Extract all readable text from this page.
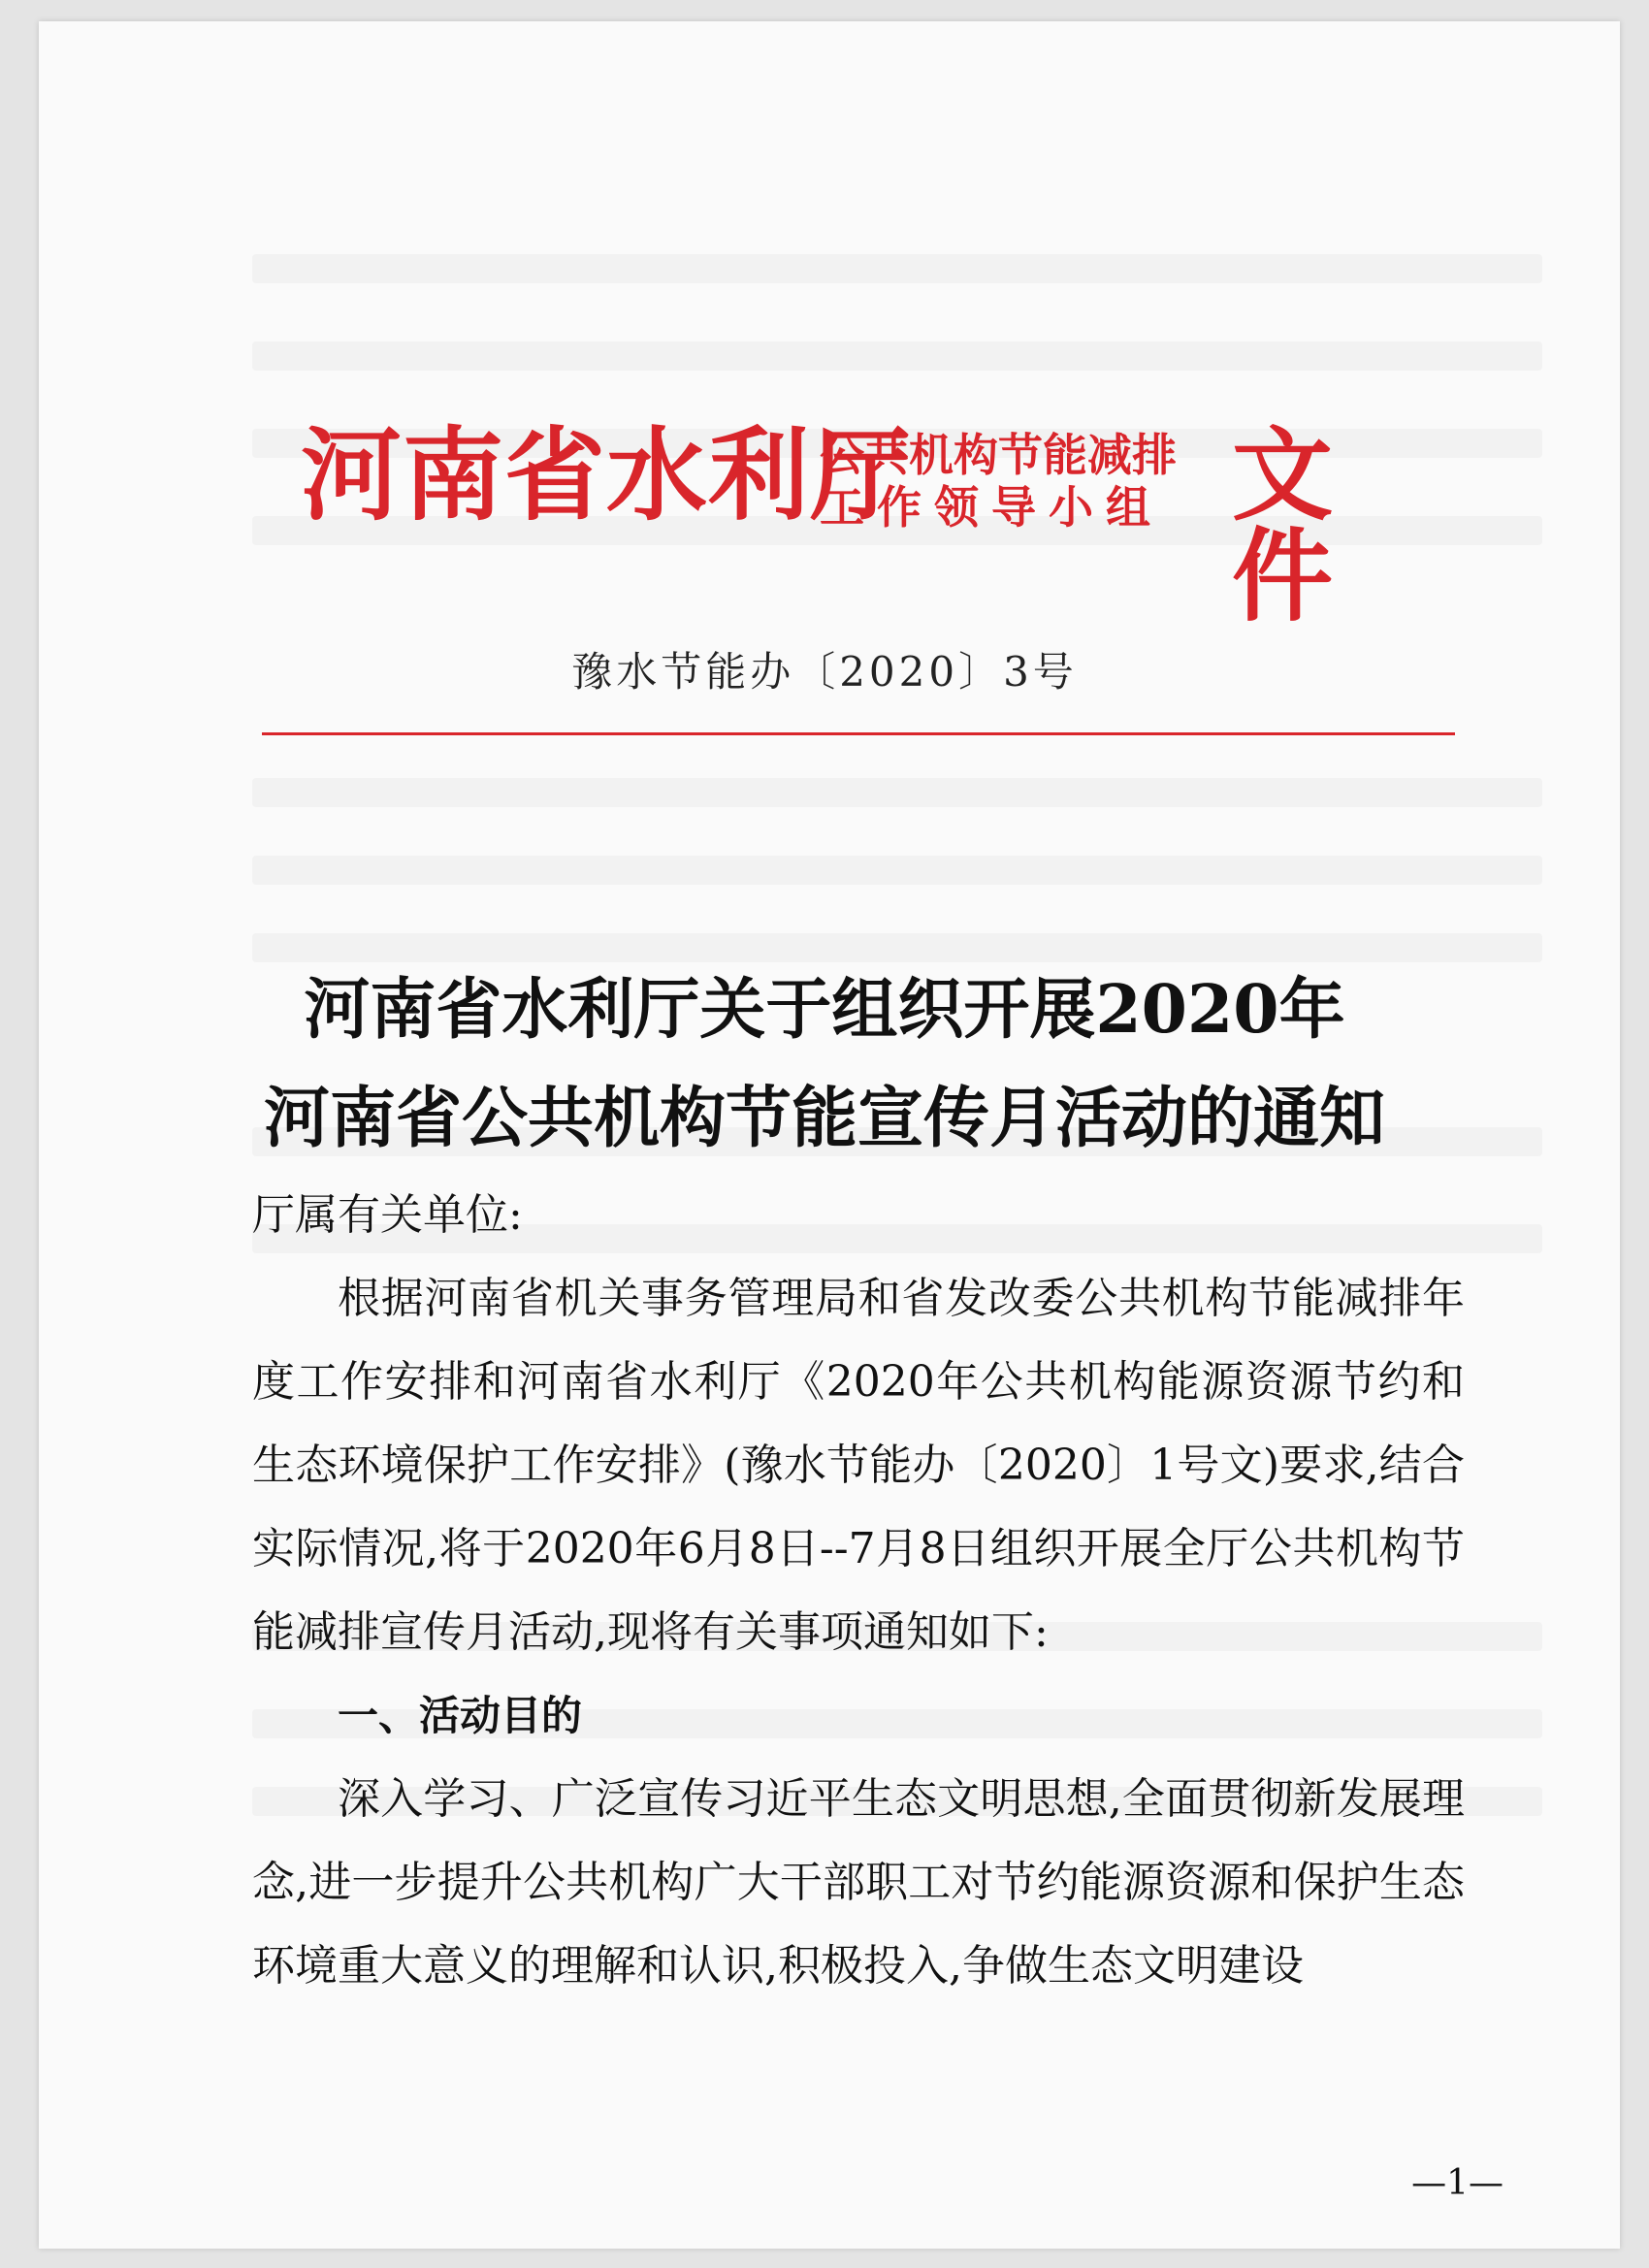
河南省水利厅
公共机构节能减排
工作领导小组 文件
豫水节能办〔2020〕3号
河南省水利厅关于组织开展2020年
河南省公共机构节能宣传月活动的通知

厅属有关单位:

根据河南省机关事务管理局和省发改委公共机构节能减排年度工作安排和河南省水利厅《2020年公共机构能源资源节约和生态环境保护工作安排》(豫水节能办〔2020〕1号文)要求,结合实际情况,将于2020年6月8日--7月8日组织开展全厅公共机构节能减排宣传月活动,现将有关事项通知如下:

一、活动目的

深入学习、广泛宣传习近平生态文明思想,全面贯彻新发展理念,进一步提升公共机构广大干部职工对节约能源资源和保护生态环境重大意义的理解和认识,积极投入,争做生态文明建设

—1—
